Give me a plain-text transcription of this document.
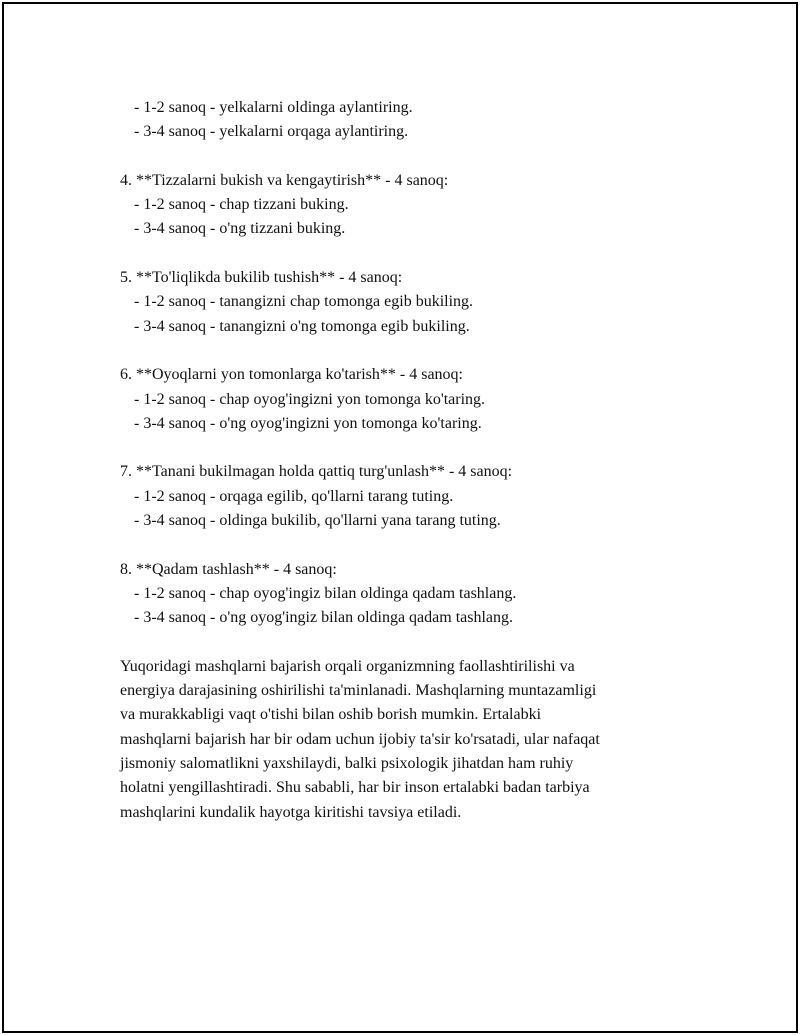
- 1-2 sanoq - yelkalarni oldinga aylantiring.
- 3-4 sanoq - yelkalarni orqaga aylantiring.
4. **Tizzalarni bukish va kengaytirish** - 4 sanoq:
- 1-2 sanoq - chap tizzani buking.
- 3-4 sanoq - o'ng tizzani buking.
5. **To'liqlikda bukilib tushish** - 4 sanoq:
- 1-2 sanoq - tanangizni chap tomonga egib bukiling.
- 3-4 sanoq - tanangizni o'ng tomonga egib bukiling.
6. **Oyoqlarni yon tomonlarga ko'tarish** - 4 sanoq:
- 1-2 sanoq - chap oyog'ingizni yon tomonga ko'taring.
- 3-4 sanoq - o'ng oyog'ingizni yon tomonga ko'taring.
7. **Tanani bukilmagan holda qattiq turg'unlash** - 4 sanoq:
- 1-2 sanoq - orqaga egilib, qo'llarni tarang tuting.
- 3-4 sanoq - oldinga bukilib, qo'llarni yana tarang tuting.
8. **Qadam tashlash** - 4 sanoq:
- 1-2 sanoq - chap oyog'ingiz bilan oldinga qadam tashlang.
- 3-4 sanoq - o'ng oyog'ingiz bilan oldinga qadam tashlang.
Yuqoridagi mashqlarni bajarish orqali organizmning faollashtirilishi va
energiya darajasining oshirilishi ta'minlanadi. Mashqlarning muntazamligi
va murakkabligi vaqt o'tishi bilan oshib borish mumkin. Ertalabki
mashqlarni bajarish har bir odam uchun ijobiy ta'sir ko'rsatadi, ular nafaqat
jismoniy salomatlikni yaxshilaydi, balki psixologik jihatdan ham ruhiy
holatni yengillashtiradi. Shu sababli, har bir inson ertalabki badan tarbiya
mashqlarini kundalik hayotga kiritishi tavsiya etiladi.
